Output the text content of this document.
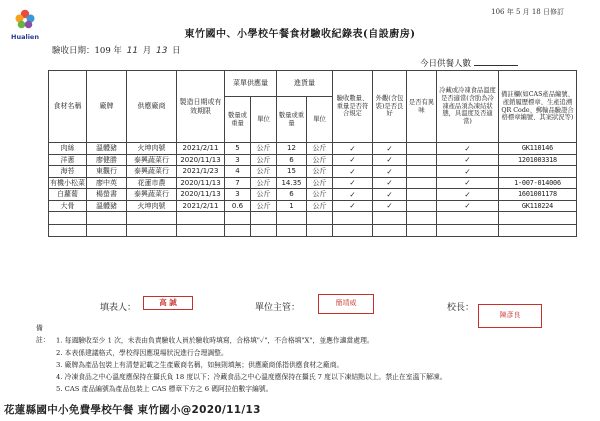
Hualien
106 年 5 月 18 日修訂
東竹國中、小學校午餐食材驗收紀錄表(自設廚房)
驗收日期：109 年 11 月 13 日
今日供餐人數
食材名稱	廠牌	供應廠商	製造日期或有效期限	菜單供應量		進貨量		驗收數量、重量是否符合規定	外觀(含包裝)是否良好	是否有異味	冷藏或冷凍食品溫度是否適當(含肋為冷凍產品須為凍結狀態，具溫度及否適當)	備註欄(如CAS產品編號、產銷履歷標章、生產追溯QR Code、郵輸品驗證合格標章編號、其案狀況等)
				數量或重量	單位	數量或重量	單位					
肉絲	溫體豬	火坤肉號	2021/2/11	5	公斤	12	公斤	✓	✓		✓	GK110146
洋蔥	廖健勝	泰興蔬菜行	2020/11/13	3	公斤	6	公斤	✓	✓		✓	1201003318
海苔	東觀行	泰興蔬菜行	2021/1/23	4	公斤	15	公斤	✓	✓		✓	
有機小松菜	廖中英	花蓮市農	2020/11/13	7	公斤	14.35	公斤	✓	✓		✓	1-007-014006
白蘿蔔	楊螢書	泰興蔬菜行	2020/11/13	3	公斤	6	公斤	✓	✓		✓	1601001178
大骨	溫體豬	火坤肉號	2021/2/11	0.6	公斤	1	公斤	✓	✓		✓	GK110224

填表人：
高 誠
單位主管：	簡靖威	校長：
陳彥良
備註： 1. 每週驗收至少 1 次，未表由負責驗收人員於驗收時填寫，合格填"✓"，不合格填"X"，並應作適當處理。
2. 本表係建議格式，學校得因應現場狀況進行合理調整。
3. 廠牌為產品包裝上有清楚記載之生產廠商名稱，如無則填無；供應廠商係指供應食材之廠商。
4. 冷凍食品之中心溫度應保持在攝氏負 18 度以下；冷藏食品之中心溫度應保持在攝氏 7 度以下凍結點以上。禁止在室溫下解凍。
5. CAS 產品編號為產品包裝上 CAS 標章下方之 6 碼阿拉伯數字編號。
花蓮縣國中小免費學校午餐 東竹國小@2020/11/13
